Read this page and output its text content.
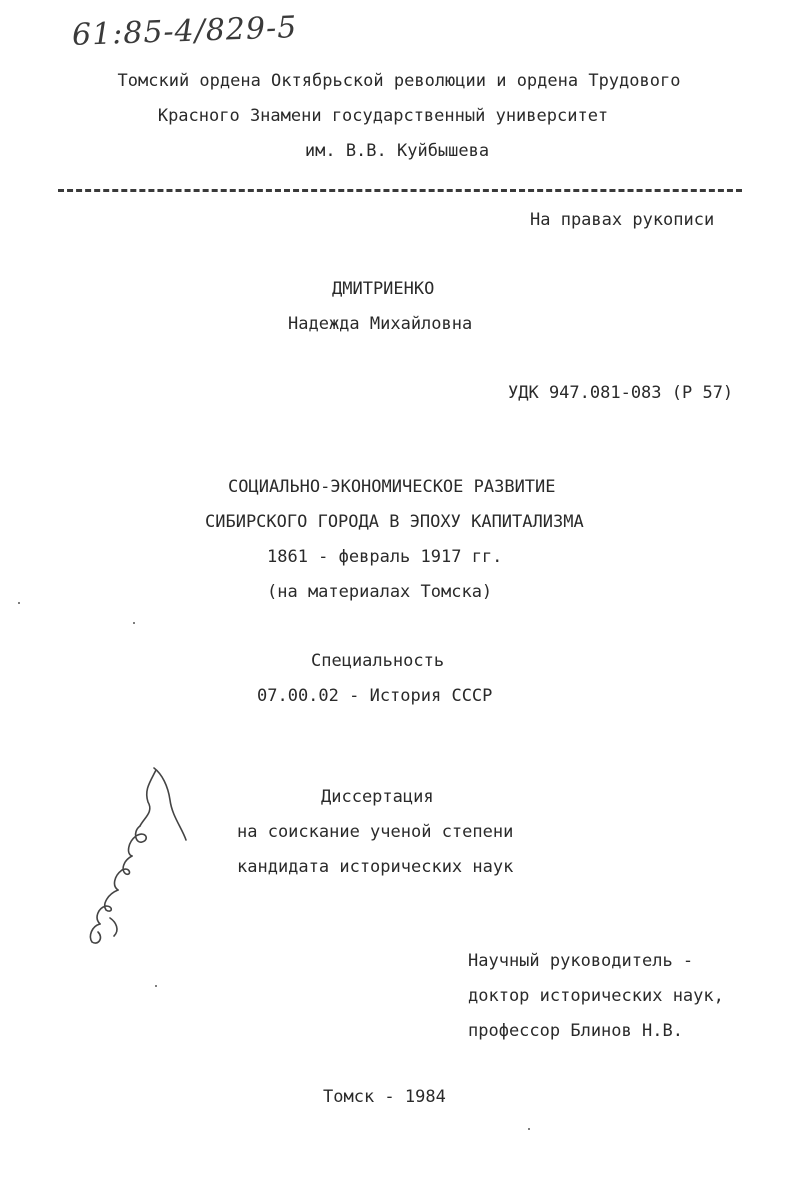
61:85-4/829-5
Томский ордена Октябрьской революции и ордена Трудового
Красного Знамени государственный университет
им. В.В. Куйбышева
На правах рукописи
ДМИТРИЕНКО
Надежда Михайловна
УДК 947.081-083 (Р 57)
СОЦИАЛЬНО-ЭКОНОМИЧЕСКОЕ РАЗВИТИЕ
СИБИРСКОГО ГОРОДА В ЭПОХУ КАПИТАЛИЗМА
1861 - февраль 1917 гг.
(на материалах Томска)
Специальность
07.00.02 - История СССР
Диссертация
на соискание ученой степени
кандидата исторических наук
Научный руководитель -
доктор исторических наук,
профессор Блинов Н.В.
Томск - 1984
